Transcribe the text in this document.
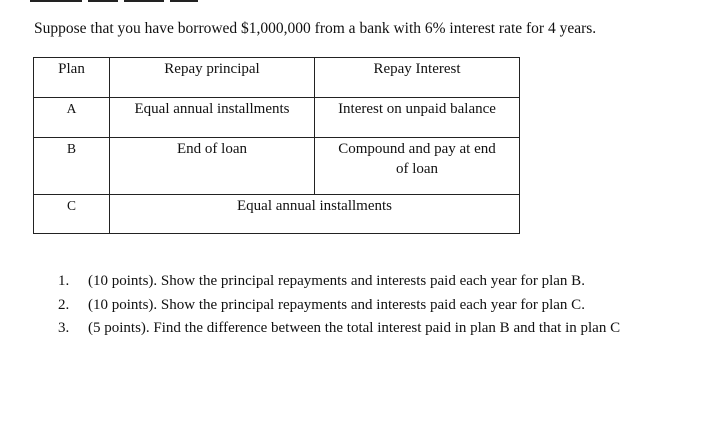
Suppose that you have borrowed $1,000,000 from a bank with 6% interest rate for 4 years.
Plan	Repay principal	Repay Interest
A	Equal annual installments	Interest on unpaid balance
B	End of loan	Compound and pay at end
of loan

C	Equal annual installments	
1. (10 points). Show the principal repayments and interests paid each year for plan B.
2. (10 points). Show the principal repayments and interests paid each year for plan C.
3. (5 points). Find the difference between the total interest paid in plan B and that in plan C
